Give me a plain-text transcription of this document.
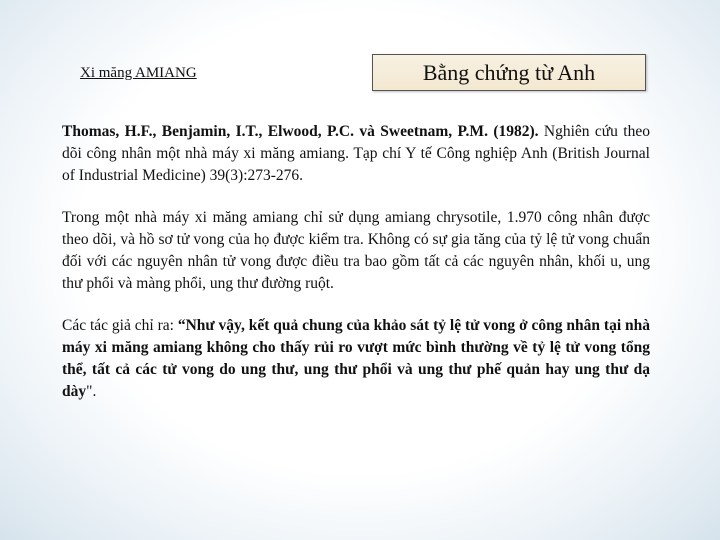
Xi măng AMIANG	Bằng chứng từ Anh
Thomas, H.F., Benjamin, I.T., Elwood, P.C. và Sweetnam, P.M. (1982). Nghiên cứu theo dõi công nhân một nhà máy xi măng amiang. Tạp chí Y tế Công nghiệp Anh (British Journal of Industrial Medicine) 39(3):273-276.
Trong một nhà máy xi măng amiang chỉ sử dụng amiang chrysotile, 1.970 công nhân được theo dõi, và hồ sơ tử vong của họ được kiểm tra. Không có sự gia tăng của tỷ lệ tử vong chuẩn đối với các nguyên nhân tử vong được điều tra bao gồm tất cả các nguyên nhân, khối u, ung thư phổi và màng phổi, ung thư đường ruột.
Các tác giả chỉ ra: “Như vậy, kết quả chung của khảo sát tỷ lệ tử vong ở công nhân tại nhà máy xi măng amiang không cho thấy rủi ro vượt mức bình thường về tỷ lệ tử vong tổng thể, tất cả các tử vong do ung thư, ung thư phổi và ung thư phế quản hay ung thư dạ dày".
